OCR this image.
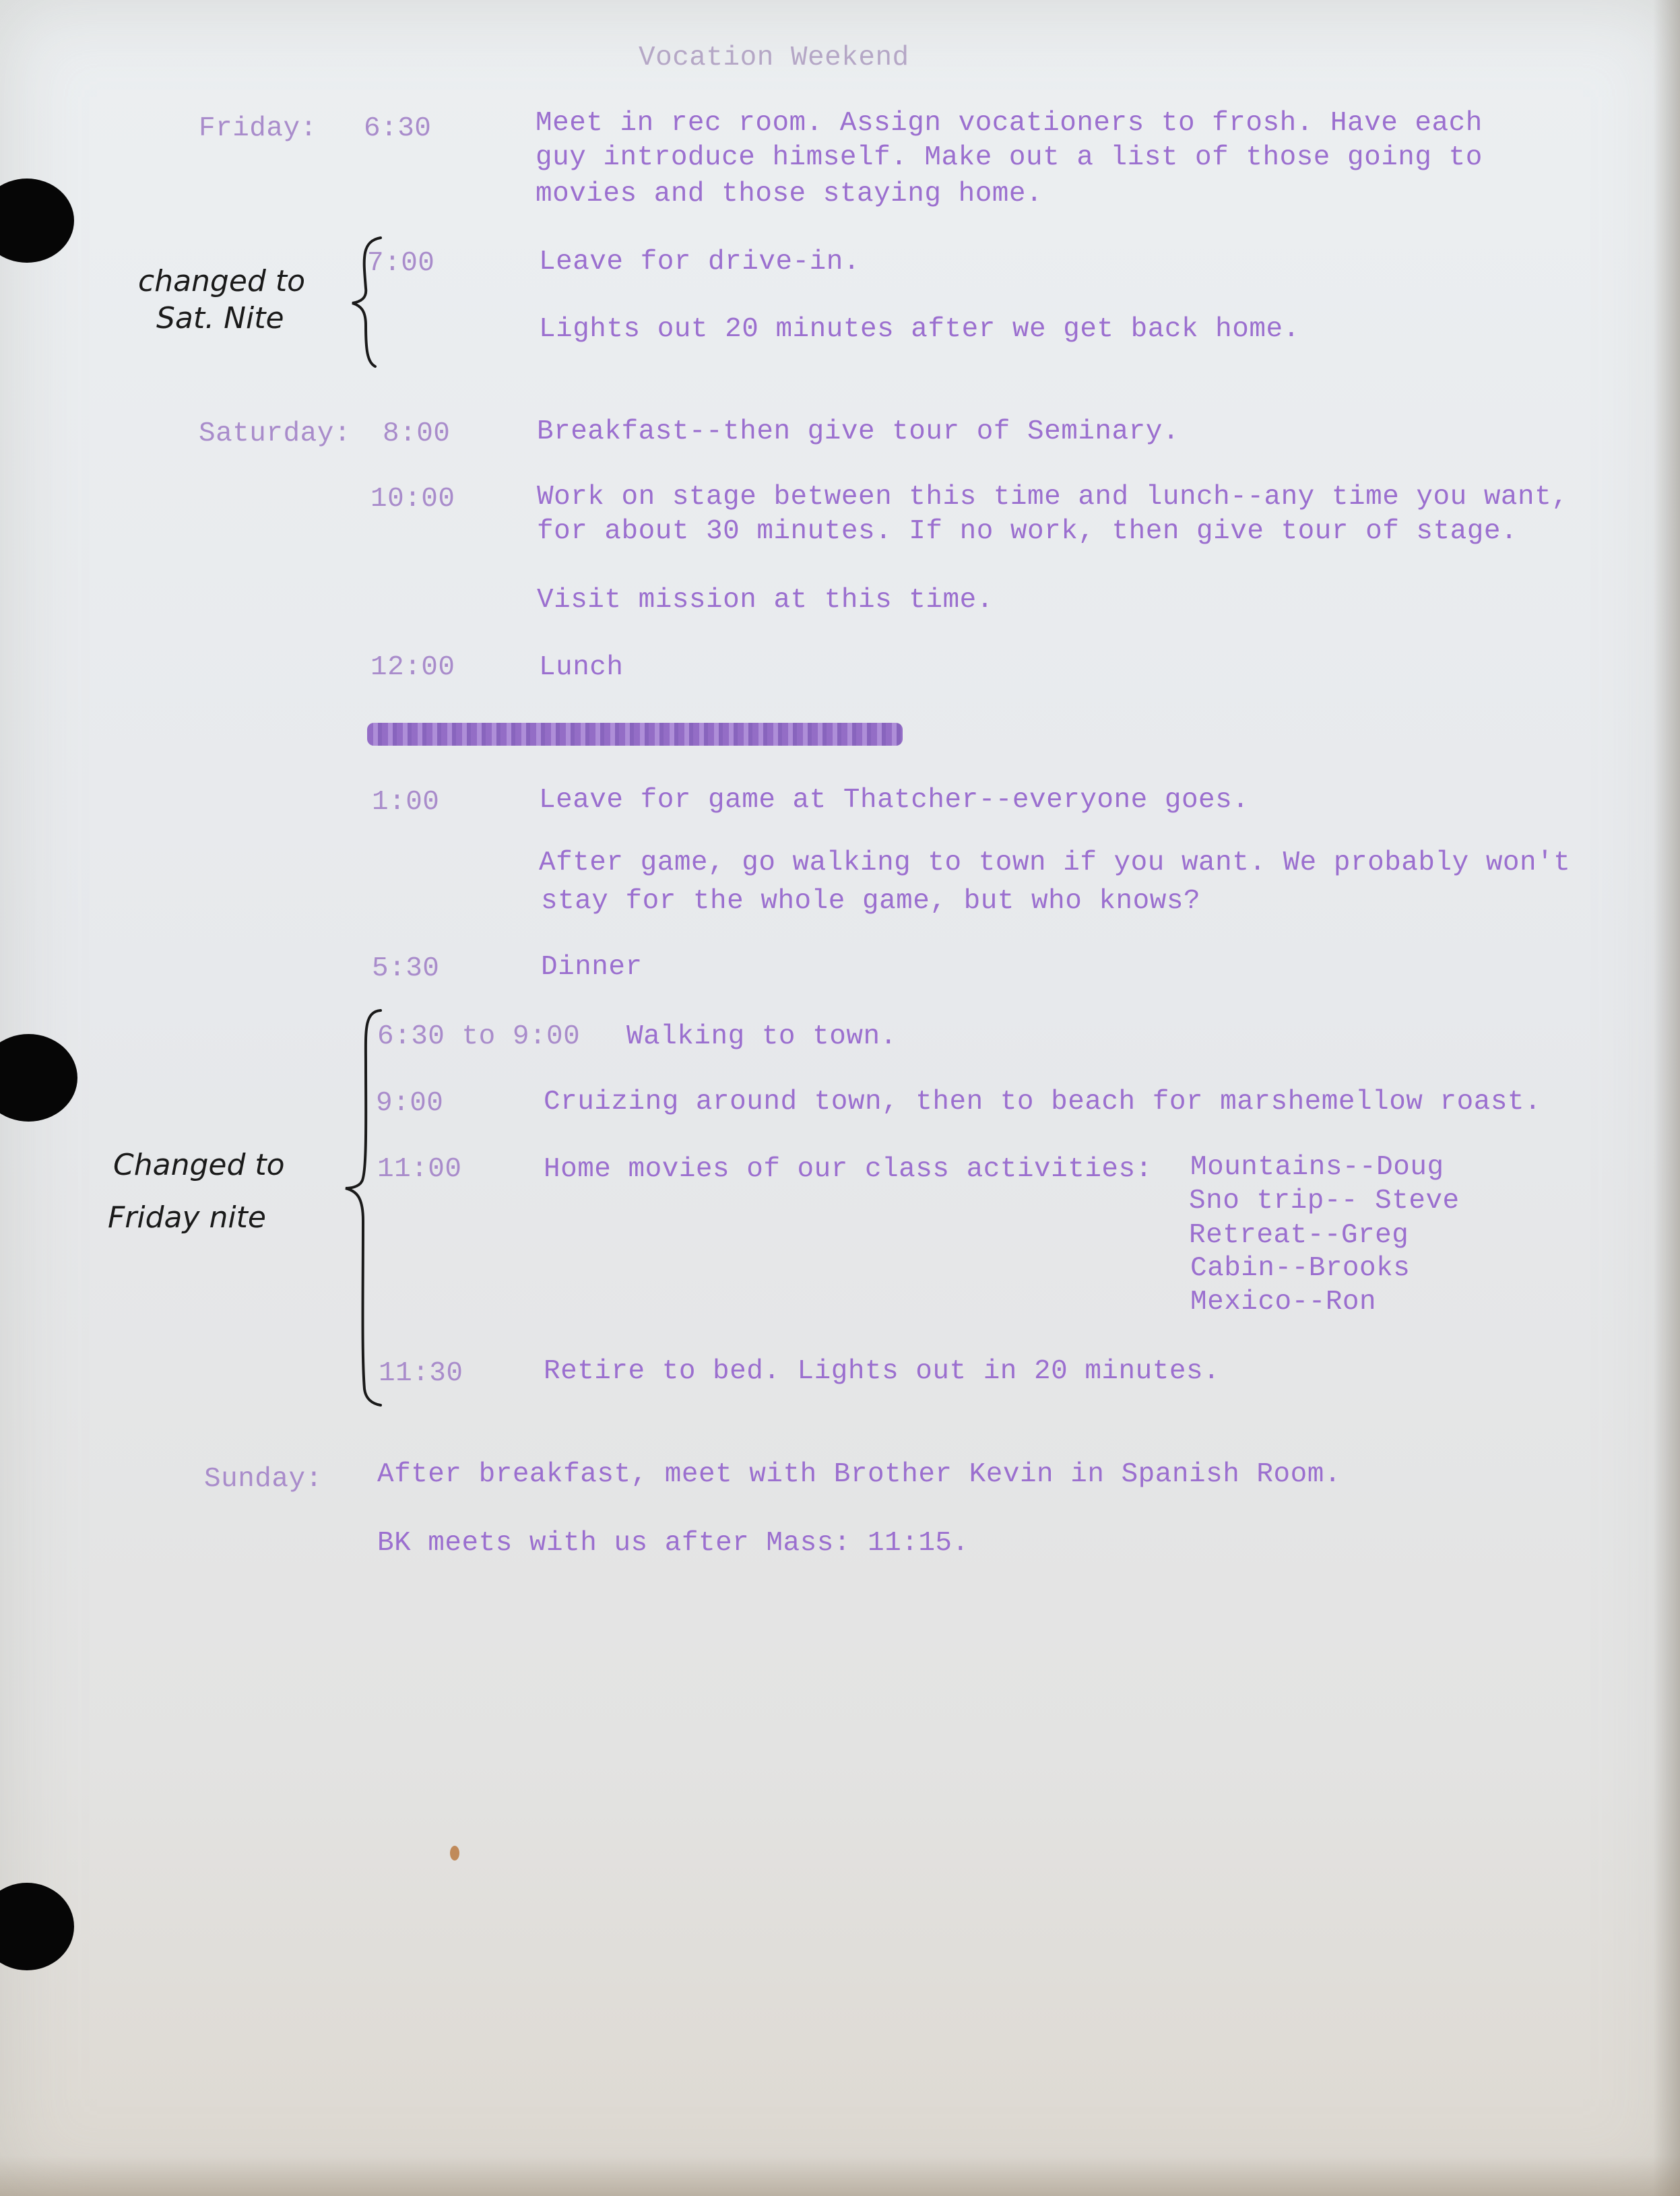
Vocation Weekend
Friday: 6:30	Meet in rec room. Assign vocationers to frosh. Have each
guy introduce himself. Make out a list of those going to
movies and those staying home.
changed to
Sat. Nite
7:00	Leave for drive-in.
Lights out 20 minutes after we get back home.
Saturday: 8:00	Breakfast--then give tour of Seminary.
10:00	Work on stage between this time and lunch--any time you want,
for about 30 minutes. If no work, then give tour of stage.
Visit mission at this time.
12:00	Lunch
1:00	Leave for game at Thatcher--everyone goes.
After game, go walking to town if you want. We probably won't
stay for the whole game, but who knows?
5:30	Dinner
Changed to
Friday nite
6:30 to 9:00 Walking to town.
9:00	Cruizing around town, then to beach for marshemellow roast.
11:00	Home movies of our class activities: Mountains--Doug
Sno trip-- Steve
Retreat--Greg
Cabin--Brooks
Mexico--Ron
11:30	Retire to bed. Lights out in 20 minutes.
Sunday: After breakfast, meet with Brother Kevin in Spanish Room.
BK meets with us after Mass: 11:15.
